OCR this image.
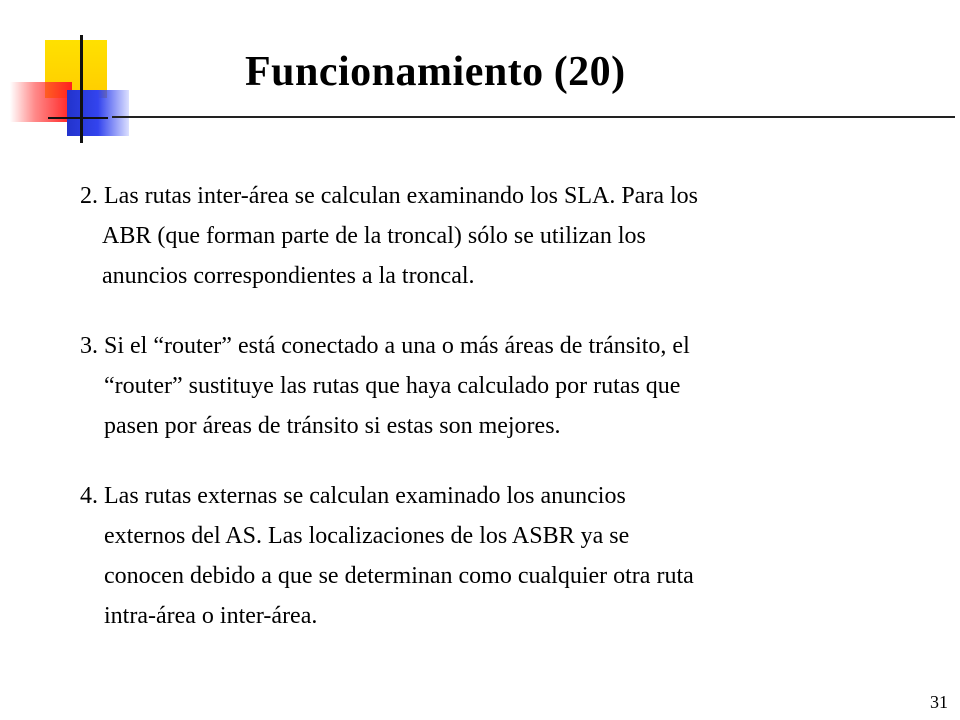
Funcionamiento (20)
2. Las rutas inter-área se calculan examinando los SLA. Para los
ABR (que forman parte de la troncal) sólo se utilizan los
anuncios correspondientes a la troncal.
3. Si el “router” está conectado a una o más áreas de tránsito, el
“router” sustituye las rutas que haya calculado por rutas que
pasen por áreas de tránsito si estas son mejores.
4. Las rutas externas se calculan examinado los anuncios
externos del AS. Las localizaciones de los ASBR ya se
conocen debido a que se determinan como cualquier otra ruta
intra-área o inter-área.
31
